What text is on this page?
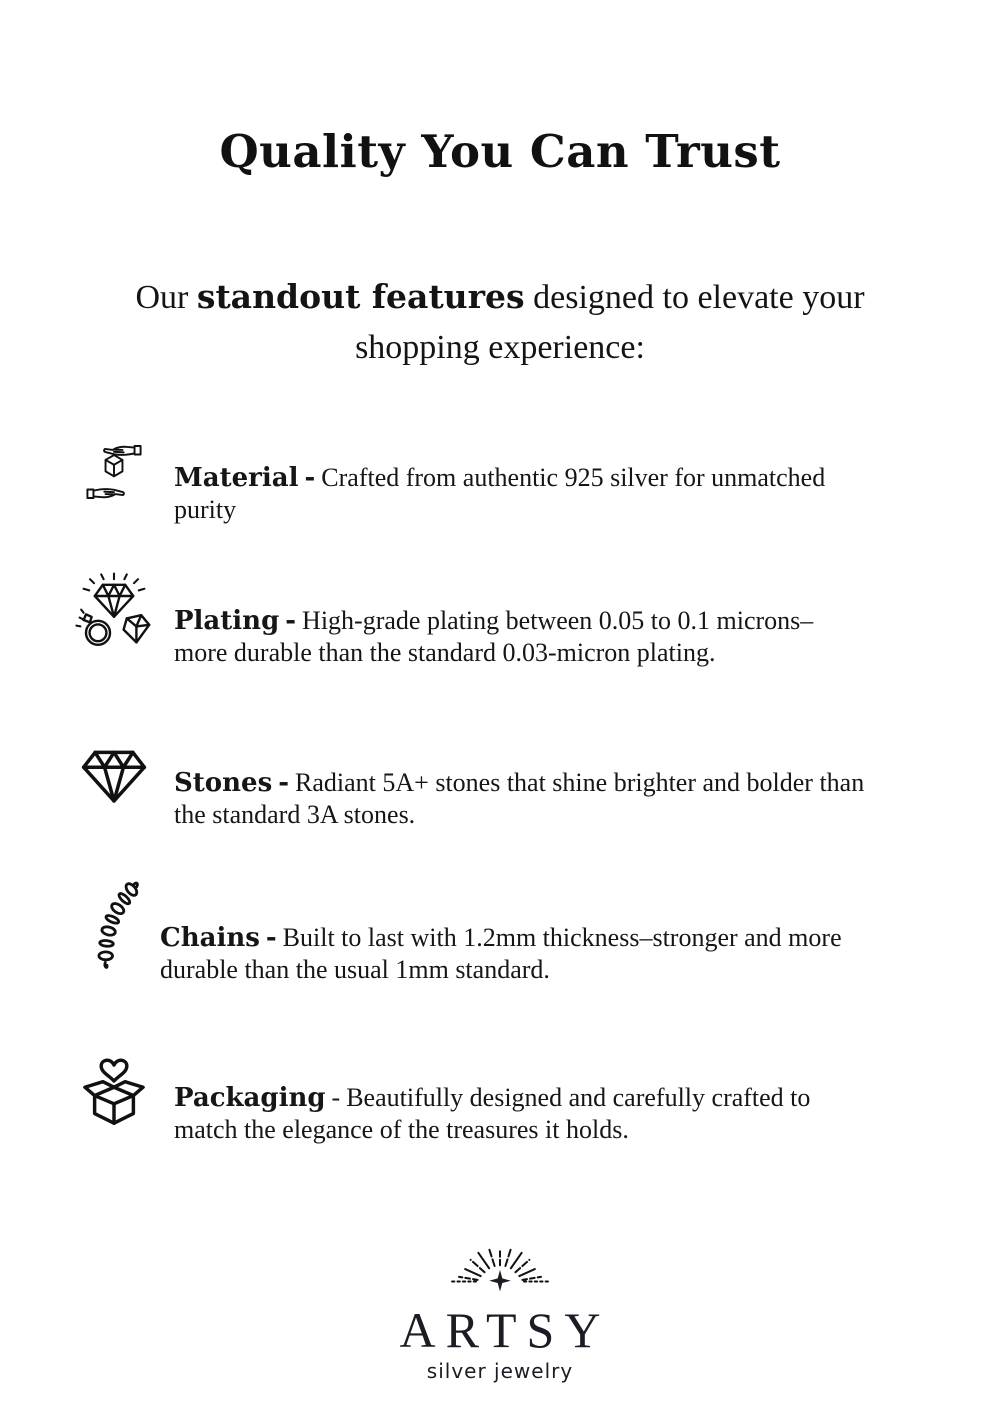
Quality You Can Trust

Our standout features designed to elevate your shopping experience:

Material - Crafted from authentic 925 silver for unmatched purity

Plating - High-grade plating between 0.05 to 0.1 microns–more durable than the standard 0.03-micron plating.

Stones - Radiant 5A+ stones that shine brighter and bolder than the standard 3A stones.

Chains - Built to last with 1.2mm thickness–stronger and more durable than the usual 1mm standard.

Packaging - Beautifully designed and carefully crafted to match the elegance of the treasures it holds.

ARTSY
silver jewelry
